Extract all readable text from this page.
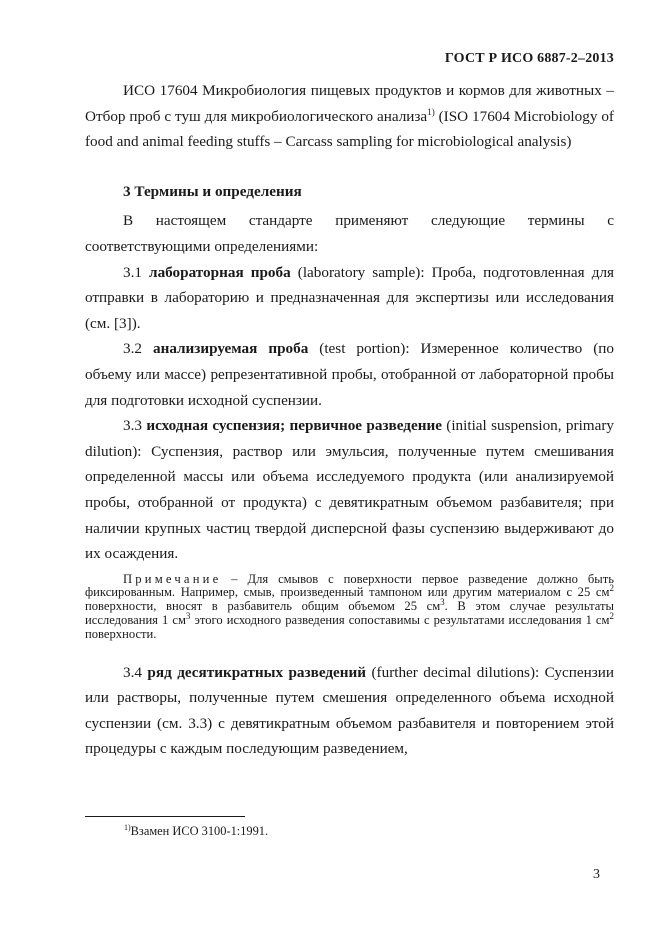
ГОСТ Р ИСО 6887-2–2013

ИСО 17604 Микробиология пищевых продуктов и кормов для животных – Отбор проб с туш для микробиологического анализа$^{1)}$ (ISO 17604 Microbiology of food and animal feeding stuffs – Carcass sampling for microbiological analysis)

3 Термины и определения

В настоящем стандарте применяют следующие термины с соответствующими определениями:

3.1 лабораторная проба (laboratory sample): Проба, подготовленная для отправки в лабораторию и предназначенная для экспертизы или исследования (см. [3]).

3.2 анализируемая проба (test portion): Измеренное количество (по объему или массе) репрезентативной пробы, отобранной от лабораторной пробы для подготовки исходной суспензии.

3.3 исходная суспензия; первичное разведение (initial suspension, primary dilution): Суспензия, раствор или эмульсия, полученные путем смешивания определенной массы или объема исследуемого продукта (или анализируемой пробы, отобранной от продукта) с девятикратным объемом разбавителя; при наличии крупных частиц твердой дисперсной фазы суспензию выдерживают до их осаждения.

Примечание – Для смывов с поверхности первое разведение должно быть фиксированным. Например, смыв, произведенный тампоном или другим материалом с 25 $см^2$ поверхности, вносят в разбавитель общим объемом 25 $см^3$. В этом случае результаты исследования 1 $см^3$ этого исходного разведения сопоставимы с результатами исследования 1 $см^2$ поверхности.

3.4 ряд десятикратных разведений (further decimal dilutions): Суспензии или растворы, полученные путем смешения определенного объема исходной суспензии (см. 3.3) с девятикратным объемом разбавителя и повторением этой процедуры с каждым последующим разведением,

$^{1)}$Взамен ИСО 3100-1:1991.
3
